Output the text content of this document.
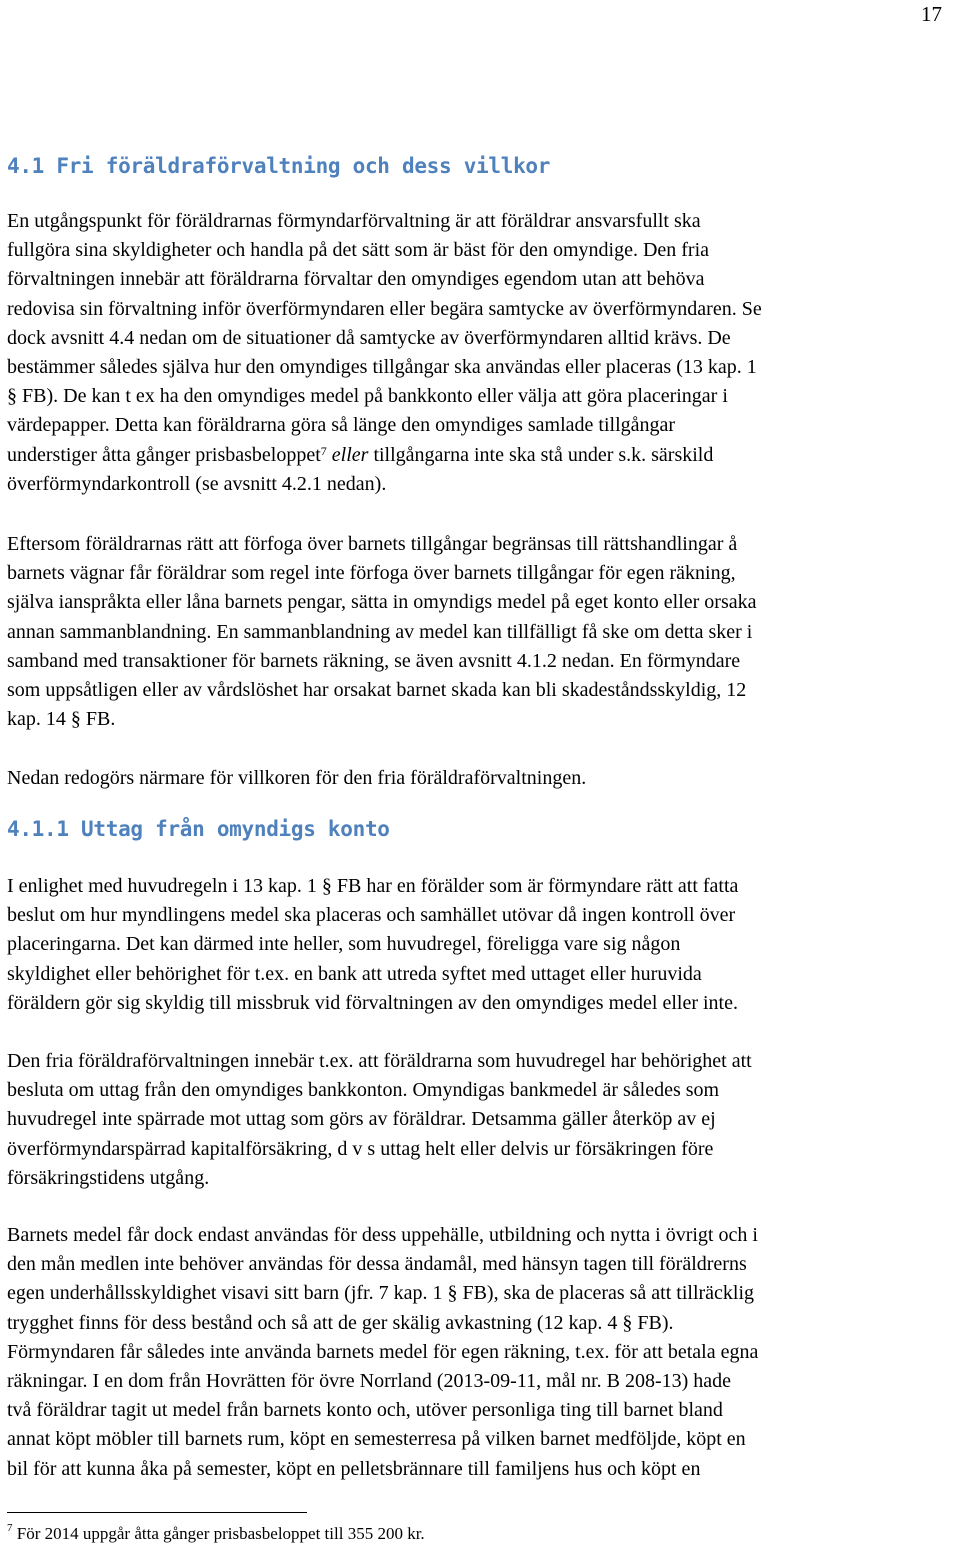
17
4.1 Fri föräldraförvaltning och dess villkor
En utgångspunkt för föräldrarnas förmyndarförvaltning är att föräldrar ansvarsfullt ska
fullgöra sina skyldigheter och handla på det sätt som är bäst för den omyndige. Den fria
förvaltningen innebär att föräldrarna förvaltar den omyndiges egendom utan att behöva
redovisa sin förvaltning inför överförmyndaren eller begära samtycke av överförmyndaren. Se
dock avsnitt 4.4 nedan om de situationer då samtycke av överförmyndaren alltid krävs. De
bestämmer således själva hur den omyndiges tillgångar ska användas eller placeras (13 kap. 1
§ FB). De kan t ex ha den omyndiges medel på bankkonto eller välja att göra placeringar i
värdepapper. Detta kan föräldrarna göra så länge den omyndiges samlade tillgångar
understiger åtta gånger prisbasbeloppet$^7$ eller tillgångarna inte ska stå under s.k. särskild
överförmyndarkontroll (se avsnitt 4.2.1 nedan).
Eftersom föräldrarnas rätt att förfoga över barnets tillgångar begränsas till rättshandlingar å
barnets vägnar får föräldrar som regel inte förfoga över barnets tillgångar för egen räkning,
själva ianspråkta eller låna barnets pengar, sätta in omyndigs medel på eget konto eller orsaka
annan sammanblandning. En sammanblandning av medel kan tillfälligt få ske om detta sker i
samband med transaktioner för barnets räkning, se även avsnitt 4.1.2 nedan. En förmyndare
som uppsåtligen eller av vårdslöshet har orsakat barnet skada kan bli skadeståndsskyldig, 12
kap. 14 § FB.
Nedan redogörs närmare för villkoren för den fria föräldraförvaltningen.
4.1.1 Uttag från omyndigs konto
I enlighet med huvudregeln i 13 kap. 1 § FB har en förälder som är förmyndare rätt att fatta
beslut om hur myndlingens medel ska placeras och samhället utövar då ingen kontroll över
placeringarna. Det kan därmed inte heller, som huvudregel, föreligga vare sig någon
skyldighet eller behörighet för t.ex. en bank att utreda syftet med uttaget eller huruvida
föräldern gör sig skyldig till missbruk vid förvaltningen av den omyndiges medel eller inte.
Den fria föräldraförvaltningen innebär t.ex. att föräldrarna som huvudregel har behörighet att
besluta om uttag från den omyndiges bankkonton. Omyndigas bankmedel är således som
huvudregel inte spärrade mot uttag som görs av föräldrar. Detsamma gäller återköp av ej
överförmyndarspärrad kapitalförsäkring, d v s uttag helt eller delvis ur försäkringen före
försäkringstidens utgång.
Barnets medel får dock endast användas för dess uppehälle, utbildning och nytta i övrigt och i
den mån medlen inte behöver användas för dessa ändamål, med hänsyn tagen till föräldrerns
egen underhållsskyldighet visavi sitt barn (jfr. 7 kap. 1 § FB), ska de placeras så att tillräcklig
trygghet finns för dess bestånd och så att de ger skälig avkastning (12 kap. 4 § FB).
Förmyndaren får således inte använda barnets medel för egen räkning, t.ex. för att betala egna
räkningar. I en dom från Hovrätten för övre Norrland (2013-09-11, mål nr. B 208-13) hade
två föräldrar tagit ut medel från barnets konto och, utöver personliga ting till barnet bland
annat köpt möbler till barnets rum, köpt en semesterresa på vilken barnet medföljde, köpt en
bil för att kunna åka på semester, köpt en pelletsbrännare till familjens hus och köpt en
$^7$ För 2014 uppgår åtta gånger prisbasbeloppet till 355 200 kr.
